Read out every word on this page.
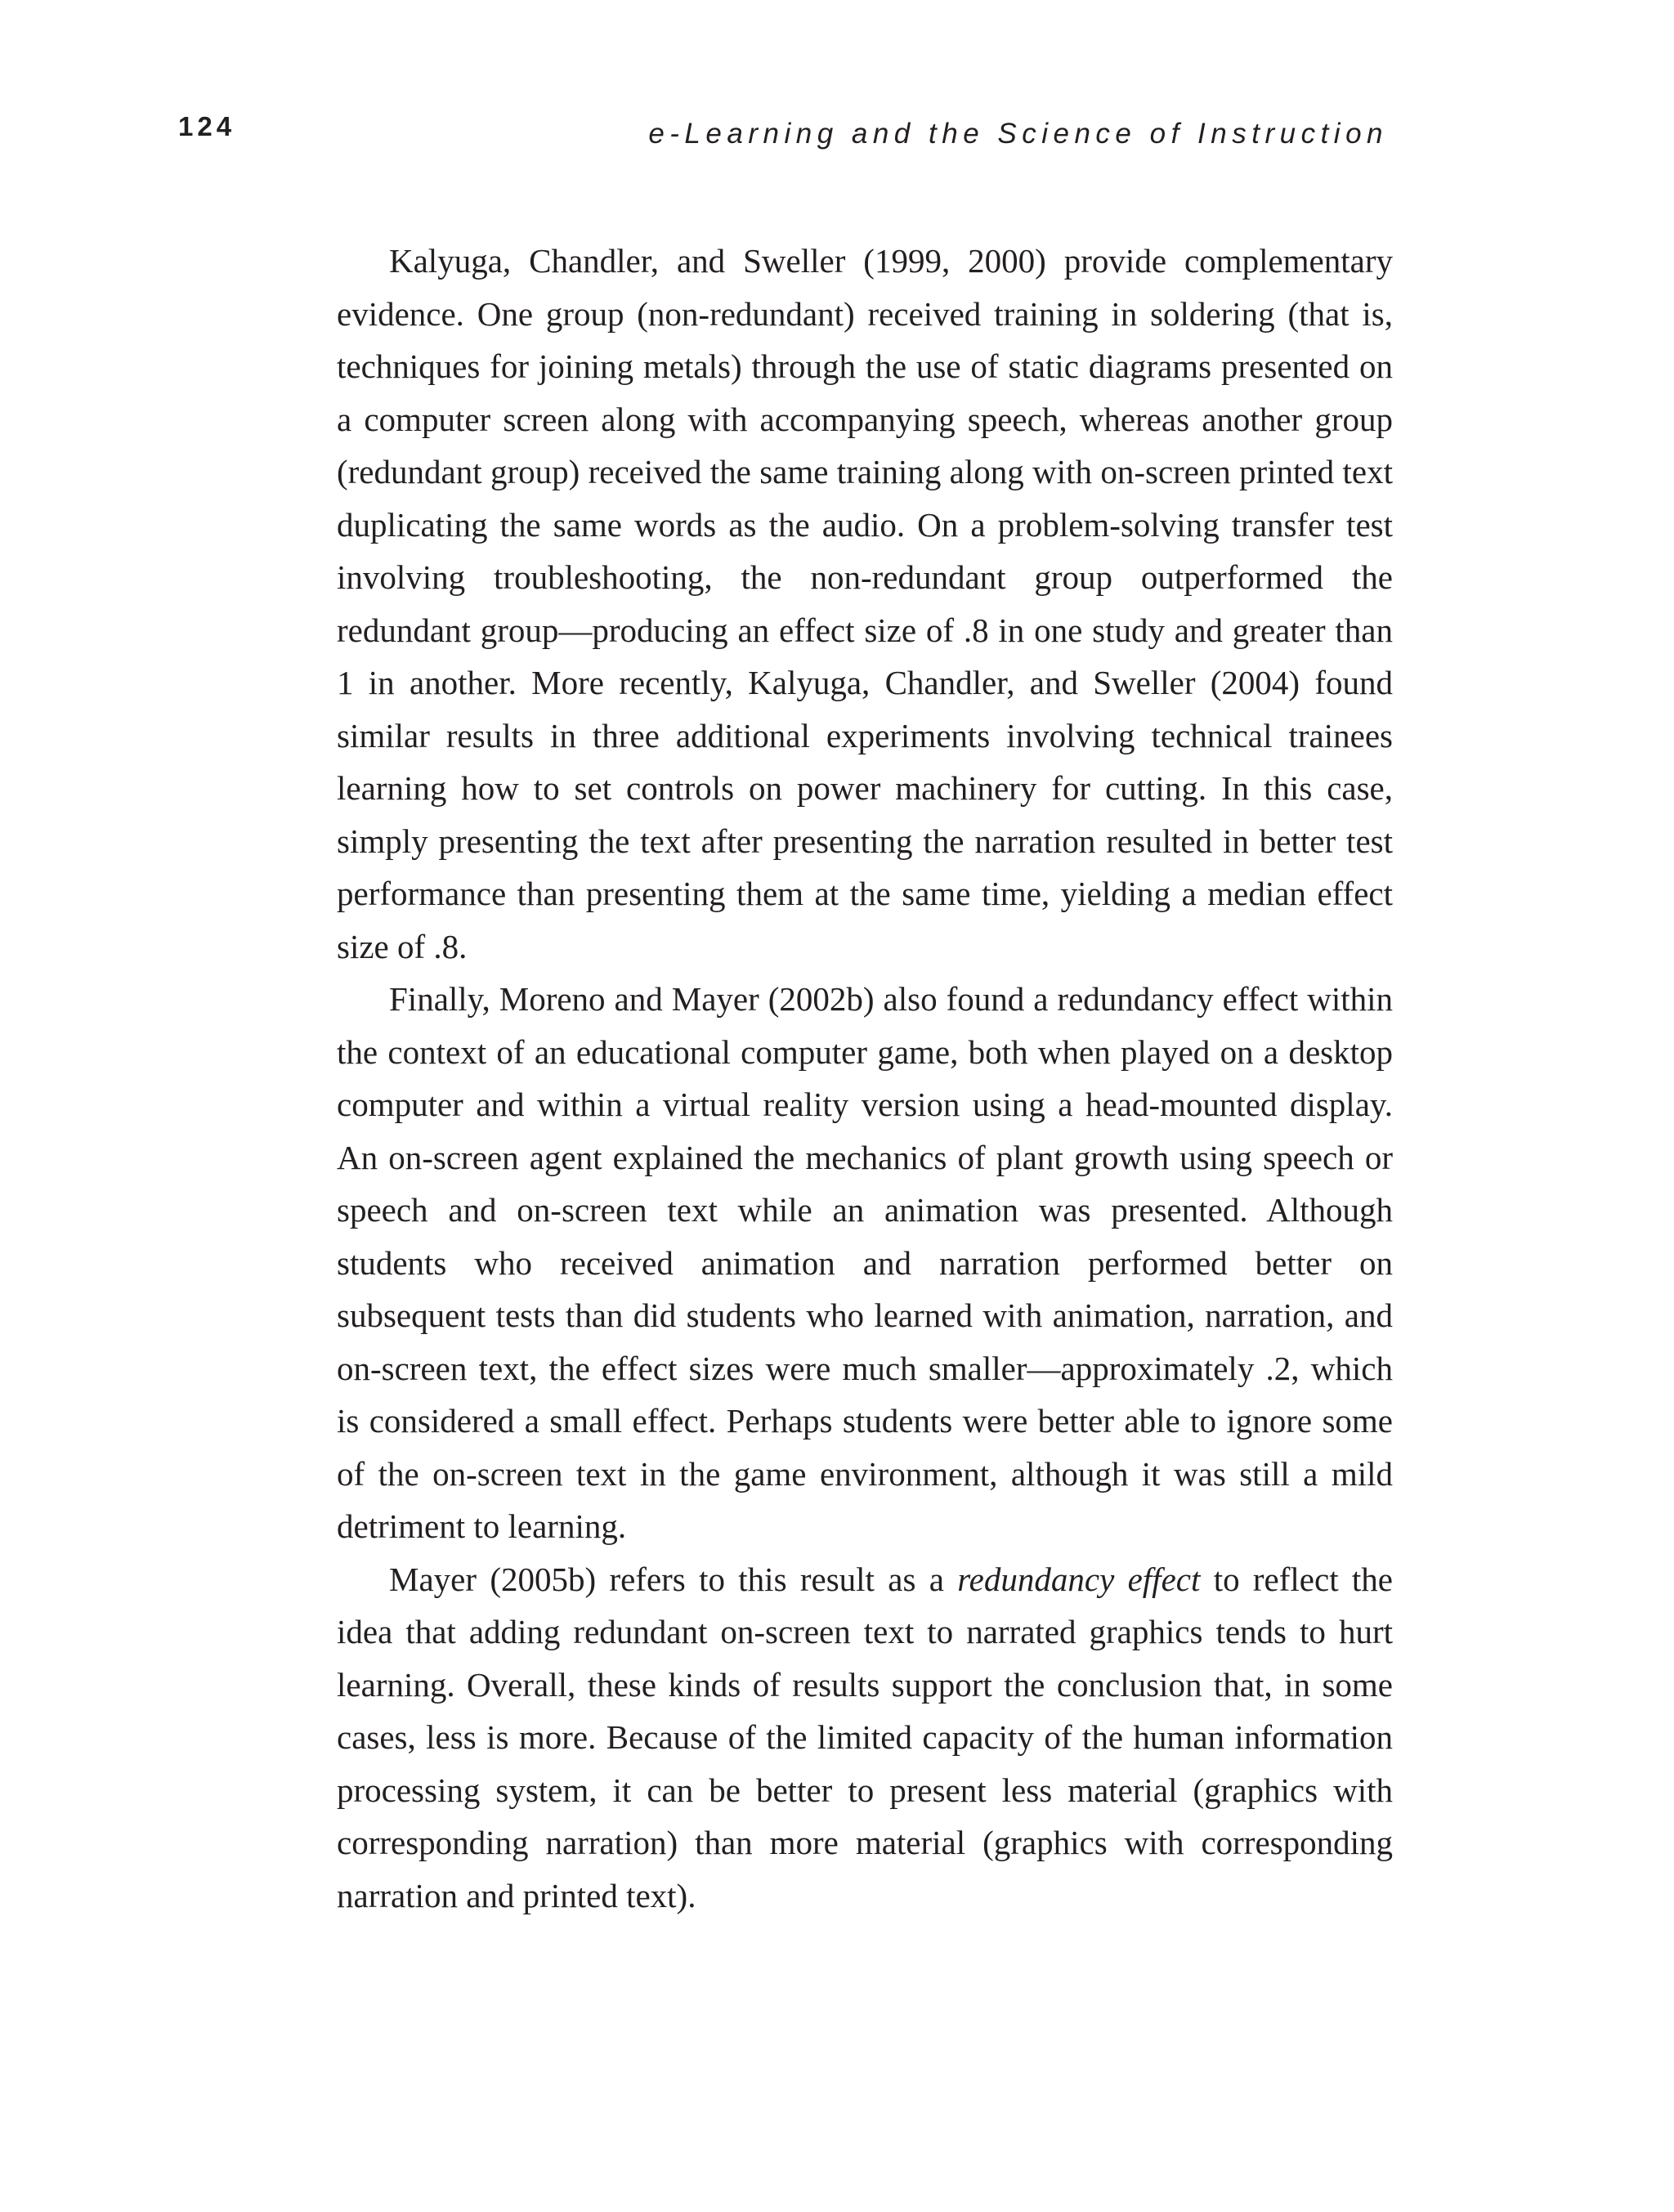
124	e-Learning and the Science of Instruction

Kalyuga, Chandler, and Sweller (1999, 2000) provide complementary evidence. One group (non-redundant) received training in soldering (that is, techniques for joining metals) through the use of static diagrams presented on a computer screen along with accompanying speech, whereas another group (redundant group) received the same training along with on-screen printed text duplicating the same words as the audio. On a problem-solving transfer test involving troubleshooting, the non-redundant group outperformed the redundant group—producing an effect size of .8 in one study and greater than 1 in another. More recently, Kalyuga, Chandler, and Sweller (2004) found similar results in three additional experiments involving technical trainees learning how to set controls on power machinery for cutting. In this case, simply presenting the text after presenting the narration resulted in better test performance than presenting them at the same time, yielding a median effect size of .8.

Finally, Moreno and Mayer (2002b) also found a redundancy effect within the context of an educational computer game, both when played on a desktop computer and within a virtual reality version using a head-mounted display. An on-screen agent explained the mechanics of plant growth using speech or speech and on-screen text while an animation was presented. Although students who received animation and narration performed better on subsequent tests than did students who learned with animation, narration, and on-screen text, the effect sizes were much smaller—approximately .2, which is considered a small effect. Perhaps students were better able to ignore some of the on-screen text in the game environment, although it was still a mild detriment to learning.

Mayer (2005b) refers to this result as a redundancy effect to reflect the idea that adding redundant on-screen text to narrated graphics tends to hurt learning. Overall, these kinds of results support the conclusion that, in some cases, less is more. Because of the limited capacity of the human information processing system, it can be better to present less material (graphics with corresponding narration) than more material (graphics with corresponding narration and printed text).
